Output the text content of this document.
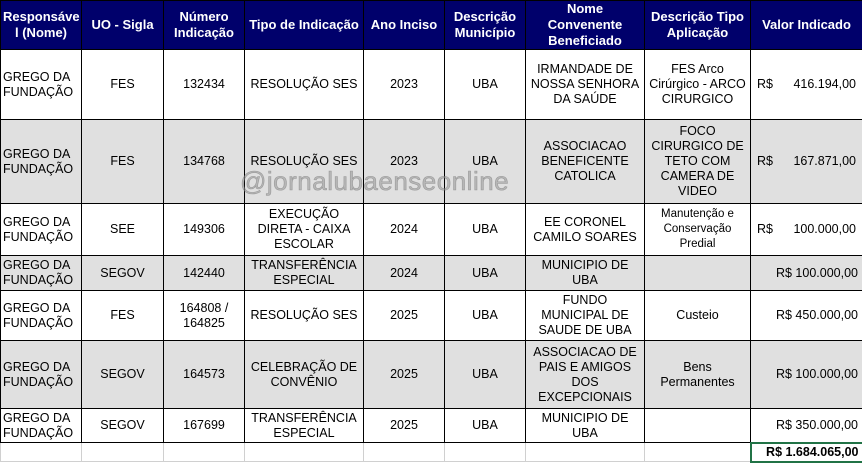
Responsáve l (Nome)	UO - Sigla	Número Indicação	Tipo de Indicação	Ano Inciso	Descrição Município	Nome Convenente Beneficiado	Descrição Tipo Aplicação	Valor Indicado
GREGO DA FUNDAÇÃO	FES	132434	RESOLUÇÃO SES	2023	UBA	IRMANDADE DE NOSSA SENHORA DA SAÚDE	FES Arco Cirúrgico - ARCO CIRURGICO	R$ 416.194,00

GREGO DA FUNDAÇÃO	FES	134768	RESOLUÇÃO SES	2023	UBA	ASSOCIACAO BENEFICENTE CATOLICA	FOCO CIRURGICO DE TETO COM CAMERA DE VIDEO	R$ 167.871,00

GREGO DA FUNDAÇÃO	SEE	149306	EXECUÇÃO DIRETA - CAIXA ESCOLAR	2024	UBA	EE CORONEL CAMILO SOARES	Manutenção e Conservação Predial	R$ 100.000,00

GREGO DA FUNDAÇÃO	SEGOV	142440	TRANSFERÊNCIA ESPECIAL	2024	UBA	MUNICIPIO DE UBA		R$ 100.000,00
GREGO DA FUNDAÇÃO	FES	164808 / 164825	RESOLUÇÃO SES	2025	UBA	FUNDO MUNICIPAL DE SAUDE DE UBA	Custeio	R$ 450.000,00
GREGO DA FUNDAÇÃO	SEGOV	164573	CELEBRAÇÃO DE CONVÊNIO	2025	UBA	ASSOCIACAO DE PAIS E AMIGOS DOS EXCEPCIONAIS	Bens Permanentes	R$ 100.000,00
GREGO DA FUNDAÇÃO	SEGOV	167699	TRANSFERÊNCIA ESPECIAL	2025	UBA	MUNICIPIO DE UBA		R$ 350.000,00
								R$ 1.684.065,00
@jornalubaenseonline
